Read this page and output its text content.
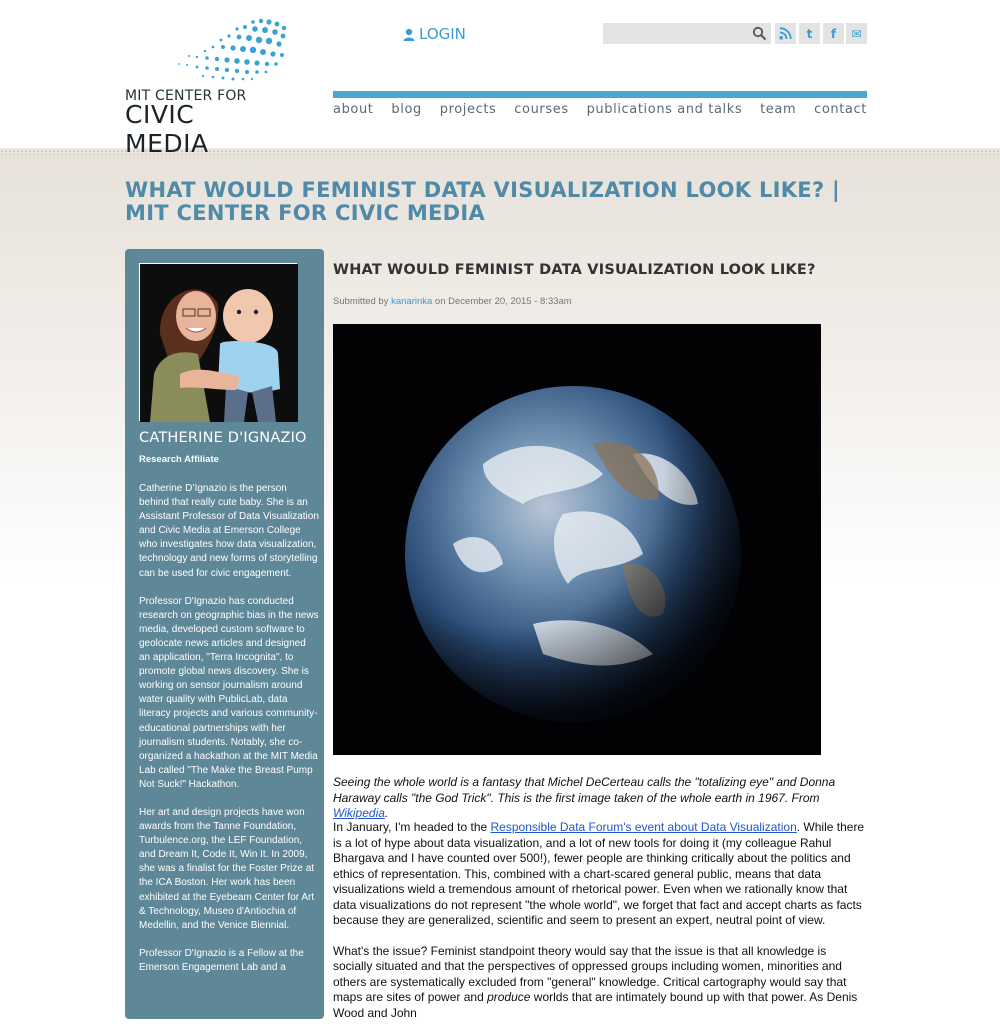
MIT CENTER FOR
CIVIC MEDIA
LOGIN	t f ✉
about blog projects courses publications and talks team contact
WHAT WOULD FEMINIST DATA VISUALIZATION LOOK LIKE? | MIT CENTER FOR CIVIC MEDIA
CATHERINE D'IGNAZIO
Research Affiliate

Catherine D’Ignazio is the person behind that really cute baby. She is an Assistant Professor of Data Visualization and Civic Media at Emerson College who investigates how data visualization, technology and new forms of storytelling can be used for civic engagement.

Professor D'Ignazio has conducted research on geographic bias in the news media, developed custom software to geolocate news articles and designed an application, "Terra Incognita", to promote global news discovery. She is working on sensor journalism around water quality with PublicLab, data literacy projects and various community-educational partnerships with her journalism students. Notably, she co-organized a hackathon at the MIT Media Lab called "The Make the Breast Pump Not Suck!" Hackathon.

Her art and design projects have won awards from the Tanne Foundation, Turbulence.org, the LEF Foundation, and Dream It, Code It, Win It. In 2009, she was a finalist for the Foster Prize at the ICA Boston. Her work has been exhibited at the Eyebeam Center for Art & Technology, Museo d'Antiochia of Medellin, and the Venice Biennial.

Professor D'Ignazio is a Fellow at the Emerson Engagement Lab and a

WHAT WOULD FEMINIST DATA VISUALIZATION LOOK LIKE?
Submitted by kanarinka on December 20, 2015 - 8:33am

Seeing the whole world is a fantasy that Michel DeCerteau calls the "totalizing eye" and Donna Haraway calls "the God Trick". This is the first image taken of the whole earth in 1967. From Wikipedia.

In January, I'm headed to the Responsible Data Forum's event about Data Visualization. While there is a lot of hype about data visualization, and a lot of new tools for doing it (my colleague Rahul Bhargava and I have counted over 500!), fewer people are thinking critically about the politics and ethics of representation. This, combined with a chart-scared general public, means that data visualizations wield a tremendous amount of rhetorical power. Even when we rationally know that data visualizations do not represent "the whole world", we forget that fact and accept charts as facts because they are generalized, scientific and seem to present an expert, neutral point of view.

What's the issue? Feminist standpoint theory would say that the issue is that all knowledge is socially situated and that the perspectives of oppressed groups including women, minorities and others are systematically excluded from "general" knowledge. Critical cartography would say that maps are sites of power and produce worlds that are intimately bound up with that power. As Denis Wood and John
